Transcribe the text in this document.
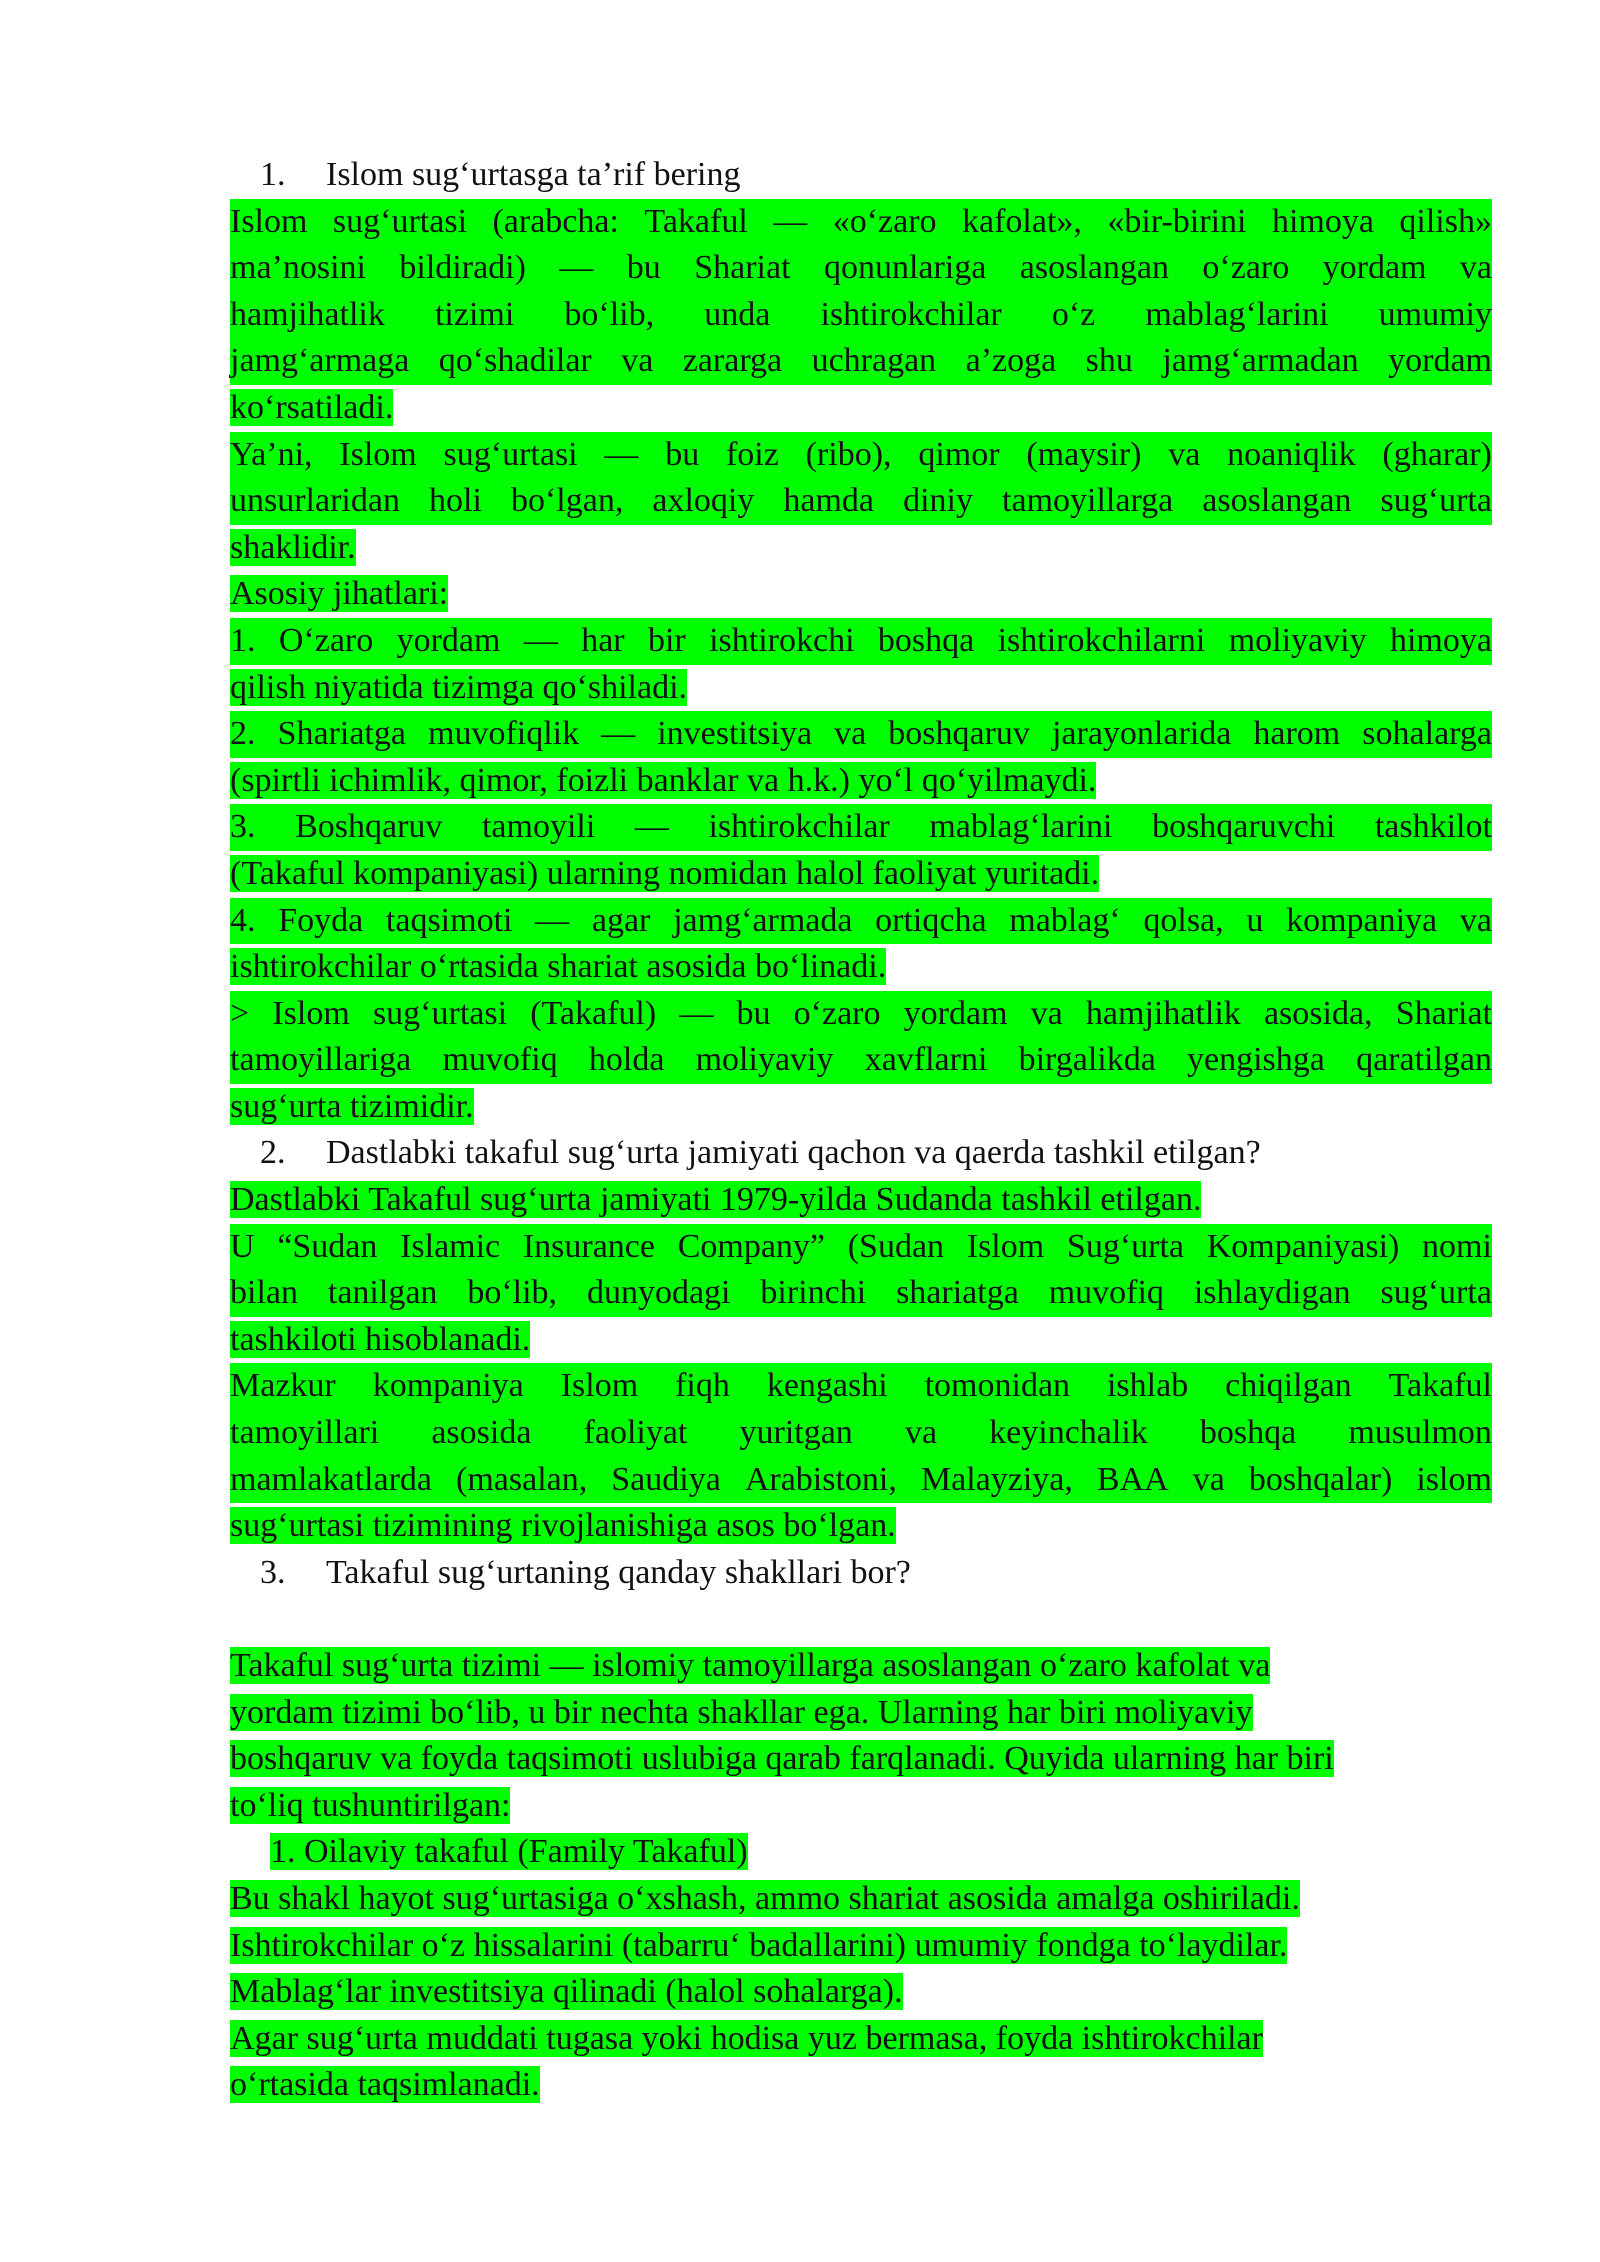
1. Islom sug‘urtasga ta’rif bering
Islom sug‘urtasi (arabcha: Takaful — «o‘zaro kafolat», «bir-birini himoya qilish»
ma’nosini bildiradi) — bu Shariat qonunlariga asoslangan o‘zaro yordam va
hamjihatlik tizimi bo‘lib, unda ishtirokchilar o‘z mablag‘larini umumiy
jamg‘armaga qo‘shadilar va zararga uchragan a’zoga shu jamg‘armadan yordam
ko‘rsatiladi.
Ya’ni, Islom sug‘urtasi — bu foiz (ribo), qimor (maysir) va noaniqlik (gharar)
unsurlaridan holi bo‘lgan, axloqiy hamda diniy tamoyillarga asoslangan sug‘urta
shaklidir.
Asosiy jihatlari:
1. O‘zaro yordam — har bir ishtirokchi boshqa ishtirokchilarni moliyaviy himoya
qilish niyatida tizimga qo‘shiladi.
2. Shariatga muvofiqlik — investitsiya va boshqaruv jarayonlarida harom sohalarga
(spirtli ichimlik, qimor, foizli banklar va h.k.) yo‘l qo‘yilmaydi.
3. Boshqaruv tamoyili — ishtirokchilar mablag‘larini boshqaruvchi tashkilot
(Takaful kompaniyasi) ularning nomidan halol faoliyat yuritadi.
4. Foyda taqsimoti — agar jamg‘armada ortiqcha mablag‘ qolsa, u kompaniya va
ishtirokchilar o‘rtasida shariat asosida bo‘linadi.
> Islom sug‘urtasi (Takaful) — bu o‘zaro yordam va hamjihatlik asosida, Shariat
tamoyillariga muvofiq holda moliyaviy xavflarni birgalikda yengishga qaratilgan
sug‘urta tizimidir.
2. Dastlabki takaful sug‘urta jamiyati qachon va qaerda tashkil etilgan?
Dastlabki Takaful sug‘urta jamiyati 1979-yilda Sudanda tashkil etilgan.
U “Sudan Islamic Insurance Company” (Sudan Islom Sug‘urta Kompaniyasi) nomi
bilan tanilgan bo‘lib, dunyodagi birinchi shariatga muvofiq ishlaydigan sug‘urta
tashkiloti hisoblanadi.
Mazkur kompaniya Islom fiqh kengashi tomonidan ishlab chiqilgan Takaful
tamoyillari asosida faoliyat yuritgan va keyinchalik boshqa musulmon
mamlakatlarda (masalan, Saudiya Arabistoni, Malayziya, BAA va boshqalar) islom
sug‘urtasi tizimining rivojlanishiga asos bo‘lgan.
3. Takaful sug‘urtaning qanday shakllari bor?
Takaful sug‘urta tizimi — islomiy tamoyillarga asoslangan o‘zaro kafolat va
yordam tizimi bo‘lib, u bir nechta shakllar ega. Ularning har biri moliyaviy
boshqaruv va foyda taqsimoti uslubiga qarab farqlanadi. Quyida ularning har biri
to‘liq tushuntirilgan:
1. Oilaviy takaful (Family Takaful)
Bu shakl hayot sug‘urtasiga o‘xshash, ammo shariat asosida amalga oshiriladi.
Ishtirokchilar o‘z hissalarini (tabarru‘ badallarini) umumiy fondga to‘laydilar.
Mablag‘lar investitsiya qilinadi (halol sohalarga).
Agar sug‘urta muddati tugasa yoki hodisa yuz bermasa, foyda ishtirokchilar
o‘rtasida taqsimlanadi.
